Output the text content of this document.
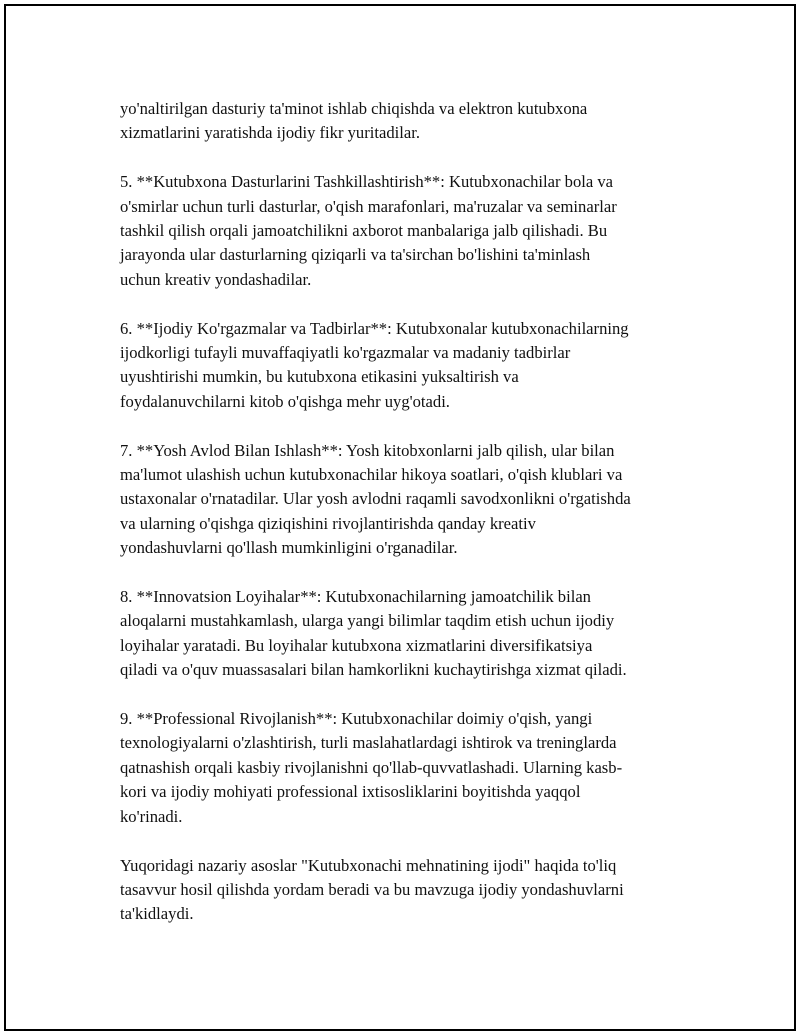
yo'naltirilgan dasturiy ta'minot ishlab chiqishda va elektron kutubxona
xizmatlarini yaratishda ijodiy fikr yuritadilar.

5. **Kutubxona Dasturlarini Tashkillashtirish**: Kutubxonachilar bola va
o'smirlar uchun turli dasturlar, o'qish marafonlari, ma'ruzalar va seminarlar
tashkil qilish orqali jamoatchilikni axborot manbalariga jalb qilishadi. Bu
jarayonda ular dasturlarning qiziqarli va ta'sirchan bo'lishini ta'minlash
uchun kreativ yondashadilar.

6. **Ijodiy Ko'rgazmalar va Tadbirlar**: Kutubxonalar kutubxonachilarning
ijodkorligi tufayli muvaffaqiyatli ko'rgazmalar va madaniy tadbirlar
uyushtirishi mumkin, bu kutubxona etikasini yuksaltirish va
foydalanuvchilarni kitob o'qishga mehr uyg'otadi.

7. **Yosh Avlod Bilan Ishlash**: Yosh kitobxonlarni jalb qilish, ular bilan
ma'lumot ulashish uchun kutubxonachilar hikoya soatlari, o'qish klublari va
ustaxonalar o'rnatadilar. Ular yosh avlodni raqamli savodxonlikni o'rgatishda
va ularning o'qishga qiziqishini rivojlantirishda qanday kreativ
yondashuvlarni qo'llash mumkinligini o'rganadilar.

8. **Innovatsion Loyihalar**: Kutubxonachilarning jamoatchilik bilan
aloqalarni mustahkamlash, ularga yangi bilimlar taqdim etish uchun ijodiy
loyihalar yaratadi. Bu loyihalar kutubxona xizmatlarini diversifikatsiya
qiladi va o'quv muassasalari bilan hamkorlikni kuchaytirishga xizmat qiladi.

9. **Professional Rivojlanish**: Kutubxonachilar doimiy o'qish, yangi
texnologiyalarni o'zlashtirish, turli maslahatlardagi ishtirok va treninglarda
qatnashish orqali kasbiy rivojlanishni qo'llab-quvvatlashadi. Ularning kasb-
kori va ijodiy mohiyati professional ixtisosliklarini boyitishda yaqqol
ko'rinadi.

Yuqoridagi nazariy asoslar "Kutubxonachi mehnatining ijodi" haqida to'liq
tasavvur hosil qilishda yordam beradi va bu mavzuga ijodiy yondashuvlarni
ta'kidlaydi.
